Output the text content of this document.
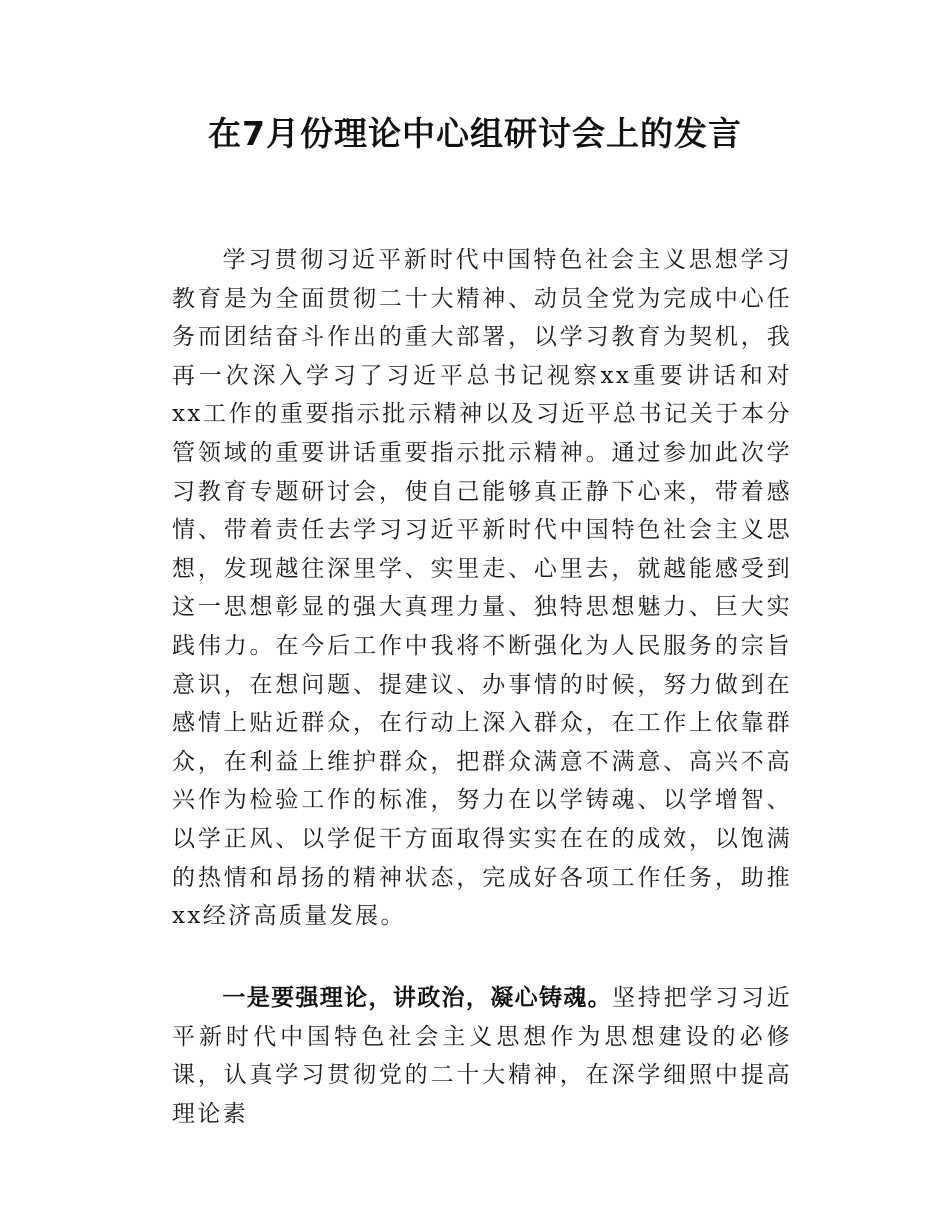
在7月份理论中心组研讨会上的发言

学习贯彻习近平新时代中国特色社会主义思想学习教育是为全面贯彻二十大精神、动员全党为完成中心任务而团结奋斗作出的重大部署，以学习教育为契机，我再一次深入学习了习近平总书记视察xx重要讲话和对xx工作的重要指示批示精神以及习近平总书记关于本分管领域的重要讲话重要指示批示精神。通过参加此次学习教育专题研讨会，使自己能够真正静下心来，带着感情、带着责任去学习习近平新时代中国特色社会主义思想，发现越往深里学、实里走、心里去，就越能感受到这一思想彰显的强大真理力量、独特思想魅力、巨大实践伟力。在今后工作中我将不断强化为人民服务的宗旨意识，在想问题、提建议、办事情的时候，努力做到在感情上贴近群众，在行动上深入群众，在工作上依靠群众，在利益上维护群众，把群众满意不满意、高兴不高兴作为检验工作的标准，努力在以学铸魂、以学增智、以学正风、以学促干方面取得实实在在的成效，以饱满的热情和昂扬的精神状态，完成好各项工作任务，助推xx经济高质量发展。

一是要强理论，讲政治，凝心铸魂。坚持把学习习近平新时代中国特色社会主义思想作为思想建设的必修课，认真学习贯彻党的二十大精神，在深学细照中提高理论素
